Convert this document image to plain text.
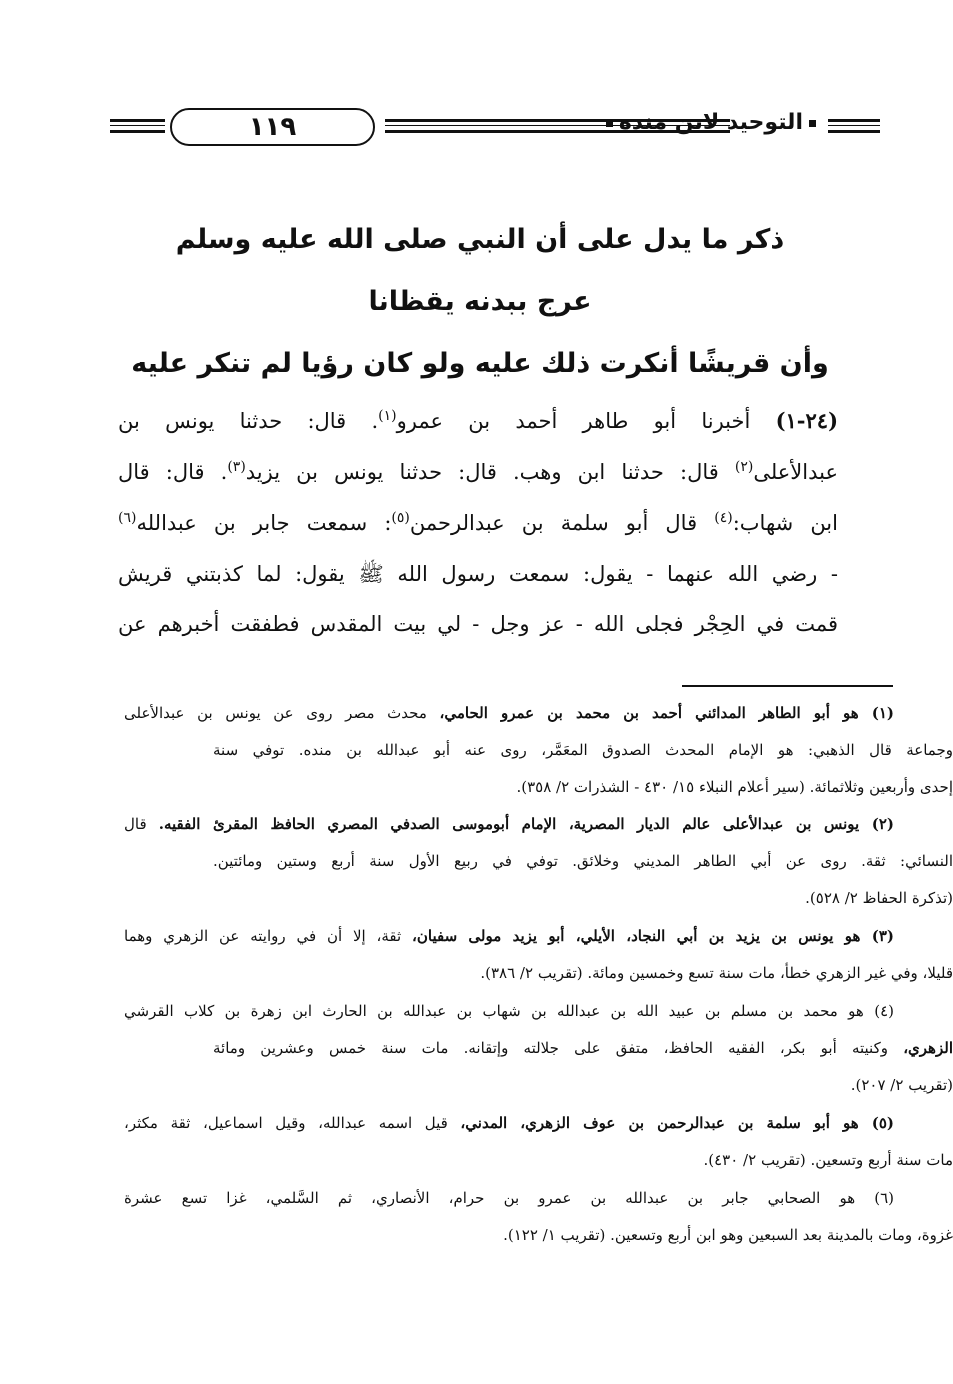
التوحيد لابن منده
١١٩
ذكر ما يدل على أن النبي صلى الله عليه وسلم
عرج ببدنه يقظانا
وأن قريشًا أنكرت ذلك عليه ولو كان رؤيا لم تنكر عليه
(٢٤-١) أخبرنا أبو طاهر أحمد بن عمرو$^{(١)}$. قال: حدثنا يونس بن
عبدالأعلى$^{(٢)}$ قال: حدثنا ابن وهب. قال: حدثنا يونس بن يزيد$^{(٣)}$. قال: قال
ابن شهاب:$^{(٤)}$ قال أبو سلمة بن عبدالرحمن$^{(٥)}$: سمعت جابر بن عبدالله$^{(٦)}$
- رضي الله عنهما - يقول: سمعت رسول الله ﷺ يقول: لما كذبتني قريش
قمت في الحِجْر فجلى الله - عز وجل - لي بيت المقدس فطفقت أخبرهم عن
(١) هو أبو الطاهر المدائني أحمد بن محمد بن عمرو الحامي، محدث مصر روى عن يونس بن عبدالأعلى
وجماعة قال الذهبي: هو الإمام المحدث الصدوق المعَمَّر، روى عنه أبو عبدالله بن منده. توفي سنة
إحدى وأربعين وثلاثمائة. (سير أعلام النبلاء ١٥/ ٤٣٠ - الشذرات ٢/ ٣٥٨).
(٢) يونس بن عبدالأعلى عالم الديار المصرية، الإمام أبوموسى الصدفي المصري الحافظ المقرئ الفقيه. قال
النسائي: ثقة. روى عن أبي الطاهر المديني وخلائق. توفي في ربيع الأول سنة أربع وستين ومائتين.
(تذكرة الحفاظ ٢/ ٥٢٨).
(٣) هو يونس بن يزيد بن أبي النجاد، الأيلي، أبو يزيد مولى سفيان، ثقة، إلا أن في روايته عن الزهري وهما
قليلا، وفي غير الزهري خطأ، مات سنة تسع وخمسين ومائة. (تقريب ٢/ ٣٨٦).
(٤) هو محمد بن مسلم بن عبيد الله بن عبدالله بن شهاب بن عبدالله بن الحارث ابن زهرة بن كلاب القرشي
الزهري، وكنيته أبو بكر، الفقيه الحافظ، متفق على جلالته وإتقانه. مات سنة خمس وعشرين ومائة
(تقريب ٢/ ٢٠٧).
(٥) هو أبو سلمة بن عبدالرحمن بن عوف الزهري، المدني، قيل اسمه عبدالله، وقيل اسماعيل، ثقة مكثر،
مات سنة أربع وتسعين. (تقريب ٢/ ٤٣٠).
(٦) هو الصحابي جابر بن عبدالله بن عمرو بن حرام، الأنصاري، ثم السَّلمي، غزا تسع عشرة
غزوة، ومات بالمدينة بعد السبعين وهو ابن أربع وتسعين. (تقريب ١/ ١٢٢).
